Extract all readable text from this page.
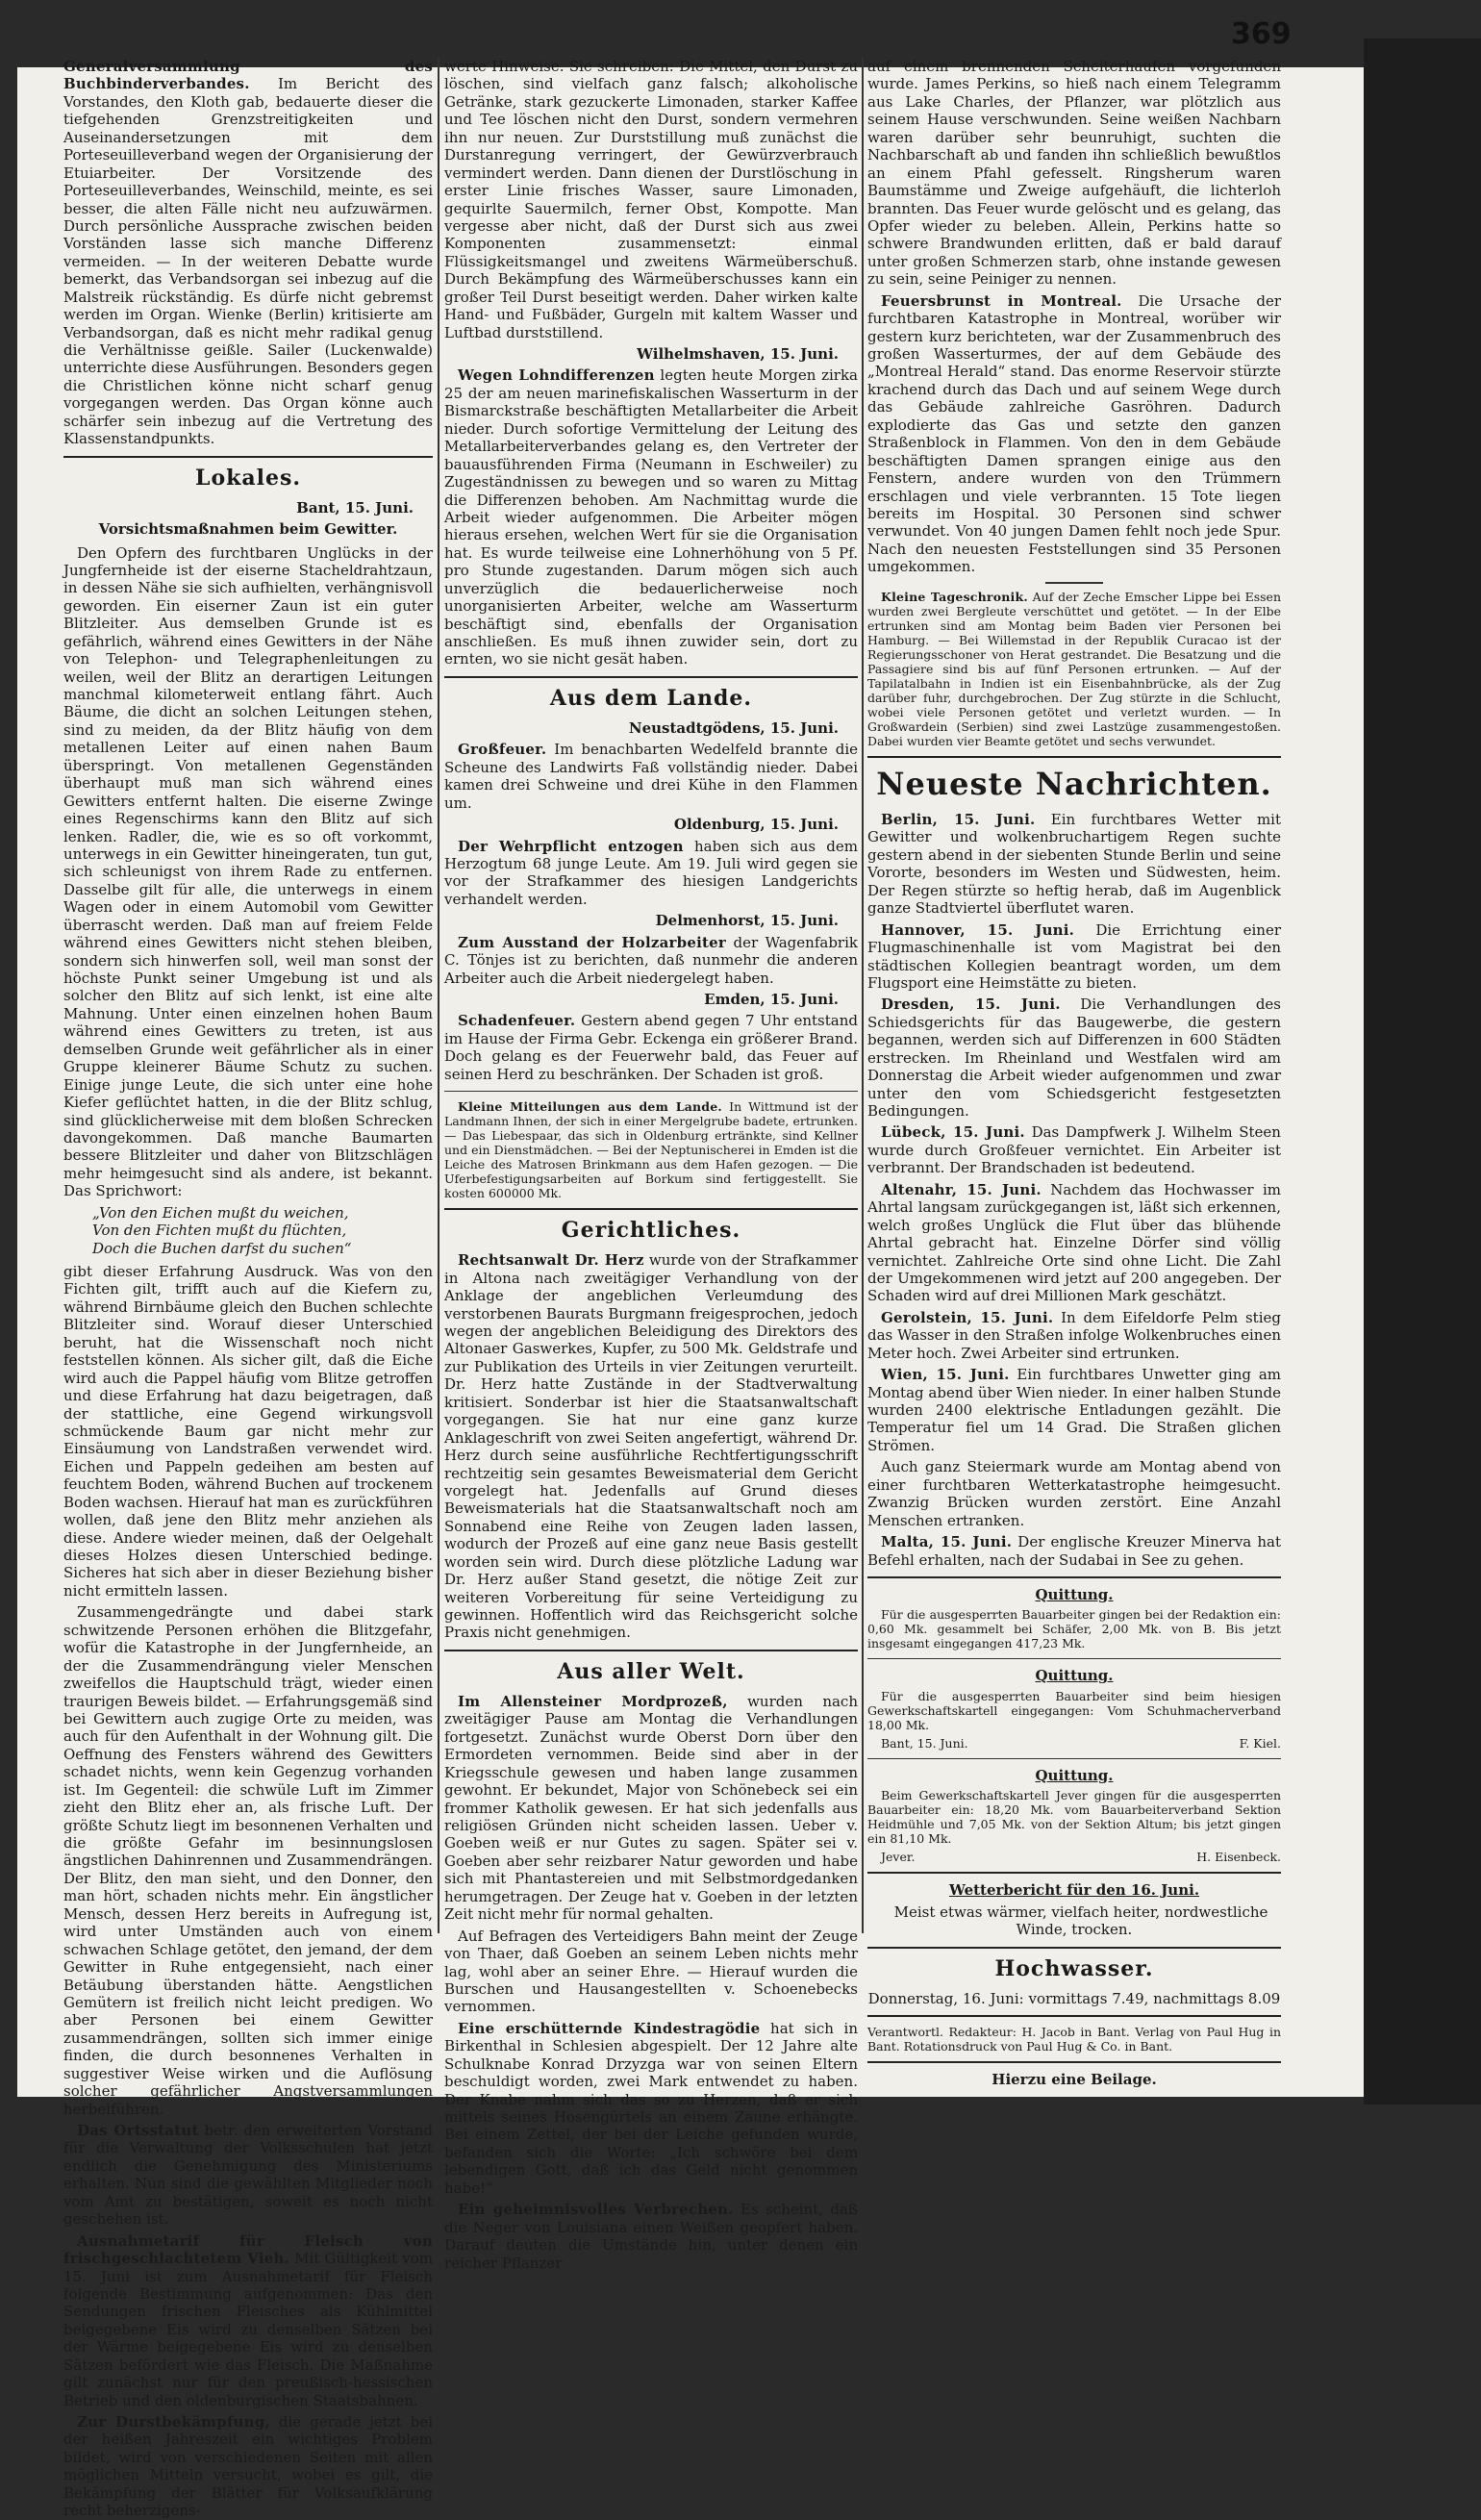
369

Generalversammlung des Buchbinderverbandes. Im Bericht des Vorstandes, den Kloth gab, bedauerte dieser die tiefgehenden Grenzstreitigkeiten und Auseinandersetzungen mit dem Porteseuilleverband wegen der Organisierung der Etuiarbeiter. Der Vorsitzende des Porteseuilleverbandes, Weinschild, meinte, es sei besser, die alten Fälle nicht neu aufzuwärmen. Durch persönliche Aussprache zwischen beiden Vorständen lasse sich manche Differenz vermeiden. — In der weiteren Debatte wurde bemerkt, das Verbandsorgan sei inbezug auf die Malstreik rückständig. Es dürfe nicht gebremst werden im Organ. Wienke (Berlin) kritisierte am Verbandsorgan, daß es nicht mehr radikal genug die Verhältnisse geißle. Sailer (Luckenwalde) unterrichte diese Ausführungen. Besonders gegen die Christlichen könne nicht scharf genug vorgegangen werden. Das Organ könne auch schärfer sein inbezug auf die Vertretung des Klassenstandpunkts.

Lokales.
Bant, 15. Juni.
Vorsichtsmaßnahmen beim Gewitter.

Den Opfern des furchtbaren Unglücks in der Jungfernheide ist der eiserne Stacheldrahtzaun, in dessen Nähe sie sich aufhielten, verhängnisvoll geworden. Ein eiserner Zaun ist ein guter Blitzleiter. Aus demselben Grunde ist es gefährlich, während eines Gewitters in der Nähe von Telephon- und Telegraphenleitungen zu weilen, weil der Blitz an derartigen Leitungen manchmal kilometerweit entlang fährt. Auch Bäume, die dicht an solchen Leitungen stehen, sind zu meiden, da der Blitz häufig von dem metallenen Leiter auf einen nahen Baum überspringt. Von metallenen Gegenständen überhaupt muß man sich während eines Gewitters entfernt halten. Die eiserne Zwinge eines Regenschirms kann den Blitz auf sich lenken. Radler, die, wie es so oft vorkommt, unterwegs in ein Gewitter hineingeraten, tun gut, sich schleunigst von ihrem Rade zu entfernen. Dasselbe gilt für alle, die unterwegs in einem Wagen oder in einem Automobil vom Gewitter überrascht werden. Daß man auf freiem Felde während eines Gewitters nicht stehen bleiben, sondern sich hinwerfen soll, weil man sonst der höchste Punkt seiner Umgebung ist und als solcher den Blitz auf sich lenkt, ist eine alte Mahnung. Unter einen einzelnen hohen Baum während eines Gewitters zu treten, ist aus demselben Grunde weit gefährlicher als in einer Gruppe kleinerer Bäume Schutz zu suchen. Einige junge Leute, die sich unter eine hohe Kiefer geflüchtet hatten, in die der Blitz schlug, sind glücklicherweise mit dem bloßen Schrecken davongekommen. Daß manche Baumarten bessere Blitzleiter und daher von Blitzschlägen mehr heimgesucht sind als andere, ist bekannt. Das Sprichwort:

„Von den Eichen mußt du weichen,
Von den Fichten mußt du flüchten,
Doch die Buchen darfst du suchen“

gibt dieser Erfahrung Ausdruck. Was von den Fichten gilt, trifft auch auf die Kiefern zu, während Birnbäume gleich den Buchen schlechte Blitzleiter sind. Worauf dieser Unterschied beruht, hat die Wissenschaft noch nicht feststellen können. Als sicher gilt, daß die Eiche wird auch die Pappel häufig vom Blitze getroffen und diese Erfahrung hat dazu beigetragen, daß der stattliche, eine Gegend wirkungsvoll schmückende Baum gar nicht mehr zur Einsäumung von Landstraßen verwendet wird. Eichen und Pappeln gedeihen am besten auf feuchtem Boden, während Buchen auf trockenem Boden wachsen. Hierauf hat man es zurückführen wollen, daß jene den Blitz mehr anziehen als diese. Andere wieder meinen, daß der Oelgehalt dieses Holzes diesen Unterschied bedinge. Sicheres hat sich aber in dieser Beziehung bisher nicht ermitteln lassen.

Zusammengedrängte und dabei stark schwitzende Personen erhöhen die Blitzgefahr, wofür die Katastrophe in der Jungfernheide, an der die Zusammendrängung vieler Menschen zweifellos die Hauptschuld trägt, wieder einen traurigen Beweis bildet. — Erfahrungsgemäß sind bei Gewittern auch zugige Orte zu meiden, was auch für den Aufenthalt in der Wohnung gilt. Die Oeffnung des Fensters während des Gewitters schadet nichts, wenn kein Gegenzug vorhanden ist. Im Gegenteil: die schwüle Luft im Zimmer zieht den Blitz eher an, als frische Luft. Der größte Schutz liegt im besonnenen Verhalten und die größte Gefahr im besinnungslosen ängstlichen Dahinrennen und Zusammendrängen. Der Blitz, den man sieht, und den Donner, den man hört, schaden nichts mehr. Ein ängstlicher Mensch, dessen Herz bereits in Aufregung ist, wird unter Umständen auch von einem schwachen Schlage getötet, den jemand, der dem Gewitter in Ruhe entgegensieht, nach einer Betäubung überstanden hätte. Aengstlichen Gemütern ist freilich nicht leicht predigen. Wo aber Personen bei einem Gewitter zusammendrängen, sollten sich immer einige finden, die durch besonnenes Verhalten in suggestiver Weise wirken und die Auflösung solcher gefährlicher Angstversammlungen herbeiführen.

Das Ortsstatut betr. den erweiterten Vorstand für die Verwaltung der Volksschulen hat jetzt endlich die Genehmigung des Ministeriums erhalten. Nun sind die gewählten Mitglieder noch vom Amt zu bestätigen, soweit es noch nicht geschehen ist.

Ausnahmetarif für Fleisch von frischgeschlachtetem Vieh. Mit Gültigkeit vom 15. Juni ist zum Ausnahmetarif für Fleisch folgende Bestimmung aufgenommen: Das den Sendungen frischen Fleisches als Kühlmittel beigegebene Eis wird zu denselben Sätzen bei der Wärme beigegebene Eis wird zu denselben Sätzen befördert wie das Fleisch. Die Maßnahme gilt zunächst nur für den preußisch-hessischen Betrieb und den oldenburgischen Staatsbahnen.

Zur Durstbekämpfung, die gerade jetzt bei der heißen Jahreszeit ein wichtiges Problem bildet, wird von verschiedenen Seiten mit allen möglichen Mitteln versucht, wobei es gilt, die Bekämpfung der Blätter für Volksaufklärung recht beherzigens-

werte Hinweise. Sie schreiben: Die Mittel, den Durst zu löschen, sind vielfach ganz falsch; alkoholische Getränke, stark gezuckerte Limonaden, starker Kaffee und Tee löschen nicht den Durst, sondern vermehren ihn nur neuen. Zur Durststillung muß zunächst die Durstanregung verringert, der Gewürzverbrauch vermindert werden. Dann dienen der Durstlöschung in erster Linie frisches Wasser, saure Limonaden, gequirlte Sauermilch, ferner Obst, Kompotte. Man vergesse aber nicht, daß der Durst sich aus zwei Komponenten zusammensetzt: einmal Flüssigkeitsmangel und zweitens Wärmeüberschuß. Durch Bekämpfung des Wärmeüberschusses kann ein großer Teil Durst beseitigt werden. Daher wirken kalte Hand- und Fußbäder, Gurgeln mit kaltem Wasser und Luftbad durststillend.

Wilhelmshaven, 15. Juni.

Wegen Lohndifferenzen legten heute Morgen zirka 25 der am neuen marinefiskalischen Wasserturm in der Bismarckstraße beschäftigten Metallarbeiter die Arbeit nieder. Durch sofortige Vermittelung der Leitung des Metallarbeiterverbandes gelang es, den Vertreter der bauausführenden Firma (Neumann in Eschweiler) zu Zugeständnissen zu bewegen und so waren zu Mittag die Differenzen behoben. Am Nachmittag wurde die Arbeit wieder aufgenommen. Die Arbeiter mögen hieraus ersehen, welchen Wert für sie die Organisation hat. Es wurde teilweise eine Lohnerhöhung von 5 Pf. pro Stunde zugestanden. Darum mögen sich auch unverzüglich die bedauerlicherweise noch unorganisierten Arbeiter, welche am Wasserturm beschäftigt sind, ebenfalls der Organisation anschließen. Es muß ihnen zuwider sein, dort zu ernten, wo sie nicht gesät haben.

Aus dem Lande.
Neustadtgödens, 15. Juni.

Großfeuer. Im benachbarten Wedelfeld brannte die Scheune des Landwirts Faß vollständig nieder. Dabei kamen drei Schweine und drei Kühe in den Flammen um.

Oldenburg, 15. Juni.

Der Wehrpflicht entzogen haben sich aus dem Herzogtum 68 junge Leute. Am 19. Juli wird gegen sie vor der Strafkammer des hiesigen Landgerichts verhandelt werden.

Delmenhorst, 15. Juni.

Zum Ausstand der Holzarbeiter der Wagenfabrik C. Tönjes ist zu berichten, daß nunmehr die anderen Arbeiter auch die Arbeit niedergelegt haben.

Emden, 15. Juni.

Schadenfeuer. Gestern abend gegen 7 Uhr entstand im Hause der Firma Gebr. Eckenga ein größerer Brand. Doch gelang es der Feuerwehr bald, das Feuer auf seinen Herd zu beschränken. Der Schaden ist groß.

Kleine Mitteilungen aus dem Lande. In Wittmund ist der Landmann Ihnen, der sich in einer Mergelgrube badete, ertrunken. — Das Liebespaar, das sich in Oldenburg ertränkte, sind Kellner und ein Dienstmädchen. — Bei der Neptunischerei in Emden ist die Leiche des Matrosen Brinkmann aus dem Hafen gezogen. — Die Uferbefestigungsarbeiten auf Borkum sind fertiggestellt. Sie kosten 600000 Mk.

Gerichtliches.

Rechtsanwalt Dr. Herz wurde von der Strafkammer in Altona nach zweitägiger Verhandlung von der Anklage der angeblichen Verleumdung des verstorbenen Baurats Burgmann freigesprochen, jedoch wegen der angeblichen Beleidigung des Direktors des Altonaer Gaswerkes, Kupfer, zu 500 Mk. Geldstrafe und zur Publikation des Urteils in vier Zeitungen verurteilt. Dr. Herz hatte Zustände in der Stadtverwaltung kritisiert. Sonderbar ist hier die Staatsanwaltschaft vorgegangen. Sie hat nur eine ganz kurze Anklageschrift von zwei Seiten angefertigt, während Dr. Herz durch seine ausführliche Rechtfertigungsschrift rechtzeitig sein gesamtes Beweismaterial dem Gericht vorgelegt hat. Jedenfalls auf Grund dieses Beweismaterials hat die Staatsanwaltschaft noch am Sonnabend eine Reihe von Zeugen laden lassen, wodurch der Prozeß auf eine ganz neue Basis gestellt worden sein wird. Durch diese plötzliche Ladung war Dr. Herz außer Stand gesetzt, die nötige Zeit zur weiteren Vorbereitung für seine Verteidigung zu gewinnen. Hoffentlich wird das Reichsgericht solche Praxis nicht genehmigen.

Aus aller Welt.

Im Allensteiner Mordprozeß, wurden nach zweitägiger Pause am Montag die Verhandlungen fortgesetzt. Zunächst wurde Oberst Dorn über den Ermordeten vernommen. Beide sind aber in der Kriegsschule gewesen und haben lange zusammen gewohnt. Er bekundet, Major von Schönebeck sei ein frommer Katholik gewesen. Er hat sich jedenfalls aus religiösen Gründen nicht scheiden lassen. Ueber v. Goeben weiß er nur Gutes zu sagen. Später sei v. Goeben aber sehr reizbarer Natur geworden und habe sich mit Phantastereien und mit Selbstmordgedanken herumgetragen. Der Zeuge hat v. Goeben in der letzten Zeit nicht mehr für normal gehalten.

Auf Befragen des Verteidigers Bahn meint der Zeuge von Thaer, daß Goeben an seinem Leben nichts mehr lag, wohl aber an seiner Ehre. — Hierauf wurden die Burschen und Hausangestellten v. Schoenebecks vernommen.

Eine erschütternde Kindestragödie hat sich in Birkenthal in Schlesien abgespielt. Der 12 Jahre alte Schulknabe Konrad Drzyzga war von seinen Eltern beschuldigt worden, zwei Mark entwendet zu haben. Der Knabe nahm sich das so zu Herzen, daß er sich mittels seines Hosengürtels an einem Zaune erhängte. Bei einem Zettel, der bei der Leiche gefunden wurde, befanden sich die Worte: „Ich schwöre bei dem lebendigen Gott, daß ich das Geld nicht genommen habe!“

Ein geheimnisvolles Verbrechen. Es scheint, daß die Neger von Louisiana einen Weißen geopfert haben. Darauf deuten die Umstände hin, unter denen ein reicher Pflanzer

auf einem brennenden Scheiterhaufen vorgefunden wurde. James Perkins, so hieß nach einem Telegramm aus Lake Charles, der Pflanzer, war plötzlich aus seinem Hause verschwunden. Seine weißen Nachbarn waren darüber sehr beunruhigt, suchten die Nachbarschaft ab und fanden ihn schließlich bewußtlos an einem Pfahl gefesselt. Ringsherum waren Baumstämme und Zweige aufgehäuft, die lichterloh brannten. Das Feuer wurde gelöscht und es gelang, das Opfer wieder zu beleben. Allein, Perkins hatte so schwere Brandwunden erlitten, daß er bald darauf unter großen Schmerzen starb, ohne instande gewesen zu sein, seine Peiniger zu nennen.

Feuersbrunst in Montreal. Die Ursache der furchtbaren Katastrophe in Montreal, worüber wir gestern kurz berichteten, war der Zusammenbruch des großen Wasserturmes, der auf dem Gebäude des „Montreal Herald“ stand. Das enorme Reservoir stürzte krachend durch das Dach und auf seinem Wege durch das Gebäude zahlreiche Gasröhren. Dadurch explodierte das Gas und setzte den ganzen Straßenblock in Flammen. Von den in dem Gebäude beschäftigten Damen sprangen einige aus den Fenstern, andere wurden von den Trümmern erschlagen und viele verbrannten. 15 Tote liegen bereits im Hospital. 30 Personen sind schwer verwundet. Von 40 jungen Damen fehlt noch jede Spur. Nach den neuesten Feststellungen sind 35 Personen umgekommen.

Kleine Tageschronik. Auf der Zeche Emscher Lippe bei Essen wurden zwei Bergleute verschüttet und getötet. — In der Elbe ertrunken sind am Montag beim Baden vier Personen bei Hamburg. — Bei Willemstad in der Republik Curacao ist der Regierungsschoner von Herat gestrandet. Die Besatzung und die Passagiere sind bis auf fünf Personen ertrunken. — Auf der Tapilatalbahn in Indien ist ein Eisenbahnbrücke, als der Zug darüber fuhr, durchgebrochen. Der Zug stürzte in die Schlucht, wobei viele Personen getötet und verletzt wurden. — In Großwardein (Serbien) sind zwei Lastzüge zusammengestoßen. Dabei wurden vier Beamte getötet und sechs verwundet.

Neueste Nachrichten.

Berlin, 15. Juni. Ein furchtbares Wetter mit Gewitter und wolkenbruchartigem Regen suchte gestern abend in der siebenten Stunde Berlin und seine Vororte, besonders im Westen und Südwesten, heim. Der Regen stürzte so heftig herab, daß im Augenblick ganze Stadtviertel überflutet waren.

Hannover, 15. Juni. Die Errichtung einer Flugmaschinenhalle ist vom Magistrat bei den städtischen Kollegien beantragt worden, um dem Flugsport eine Heimstätte zu bieten.

Dresden, 15. Juni. Die Verhandlungen des Schiedsgerichts für das Baugewerbe, die gestern begannen, werden sich auf Differenzen in 600 Städten erstrecken. Im Rheinland und Westfalen wird am Donnerstag die Arbeit wieder aufgenommen und zwar unter den vom Schiedsgericht festgesetzten Bedingungen.

Lübeck, 15. Juni. Das Dampfwerk J. Wilhelm Steen wurde durch Großfeuer vernichtet. Ein Arbeiter ist verbrannt. Der Brandschaden ist bedeutend.

Altenahr, 15. Juni. Nachdem das Hochwasser im Ahrtal langsam zurückgegangen ist, läßt sich erkennen, welch großes Unglück die Flut über das blühende Ahrtal gebracht hat. Einzelne Dörfer sind völlig vernichtet. Zahlreiche Orte sind ohne Licht. Die Zahl der Umgekommenen wird jetzt auf 200 angegeben. Der Schaden wird auf drei Millionen Mark geschätzt.

Gerolstein, 15. Juni. In dem Eifeldorfe Pelm stieg das Wasser in den Straßen infolge Wolkenbruches einen Meter hoch. Zwei Arbeiter sind ertrunken.

Wien, 15. Juni. Ein furchtbares Unwetter ging am Montag abend über Wien nieder. In einer halben Stunde wurden 2400 elektrische Entladungen gezählt. Die Temperatur fiel um 14 Grad. Die Straßen glichen Strömen.

Auch ganz Steiermark wurde am Montag abend von einer furchtbaren Wetterkatastrophe heimgesucht. Zwanzig Brücken wurden zerstört. Eine Anzahl Menschen ertranken.

Malta, 15. Juni. Der englische Kreuzer Minerva hat Befehl erhalten, nach der Sudabai in See zu gehen.

Quittung.

Für die ausgesperrten Bauarbeiter gingen bei der Redaktion ein: 0,60 Mk. gesammelt bei Schäfer, 2,00 Mk. von B. Bis jetzt insgesamt eingegangen 417,23 Mk.

Quittung.

Für die ausgesperrten Bauarbeiter sind beim hiesigen Gewerkschaftskartell eingegangen: Vom Schuhmacherverband 18,00 Mk.

Bant, 15. Juni.	F. Kiel.

Quittung.

Beim Gewerkschaftskartell Jever gingen für die ausgesperrten Bauarbeiter ein: 18,20 Mk. vom Bauarbeiterverband Sektion Heidmühle und 7,05 Mk. von der Sektion Altum; bis jetzt gingen ein 81,10 Mk.

Jever.	H. Eisenbeck.

Wetterbericht für den 16. Juni.

Meist etwas wärmer, vielfach heiter, nordwestliche Winde, trocken.

Hochwasser.

Donnerstag, 16. Juni: vormittags 7.49, nachmittags 8.09

Verantwortl. Redakteur: H. Jacob in Bant. Verlag von Paul Hug in Bant. Rotationsdruck von Paul Hug & Co. in Bant.

Hierzu eine Beilage.
